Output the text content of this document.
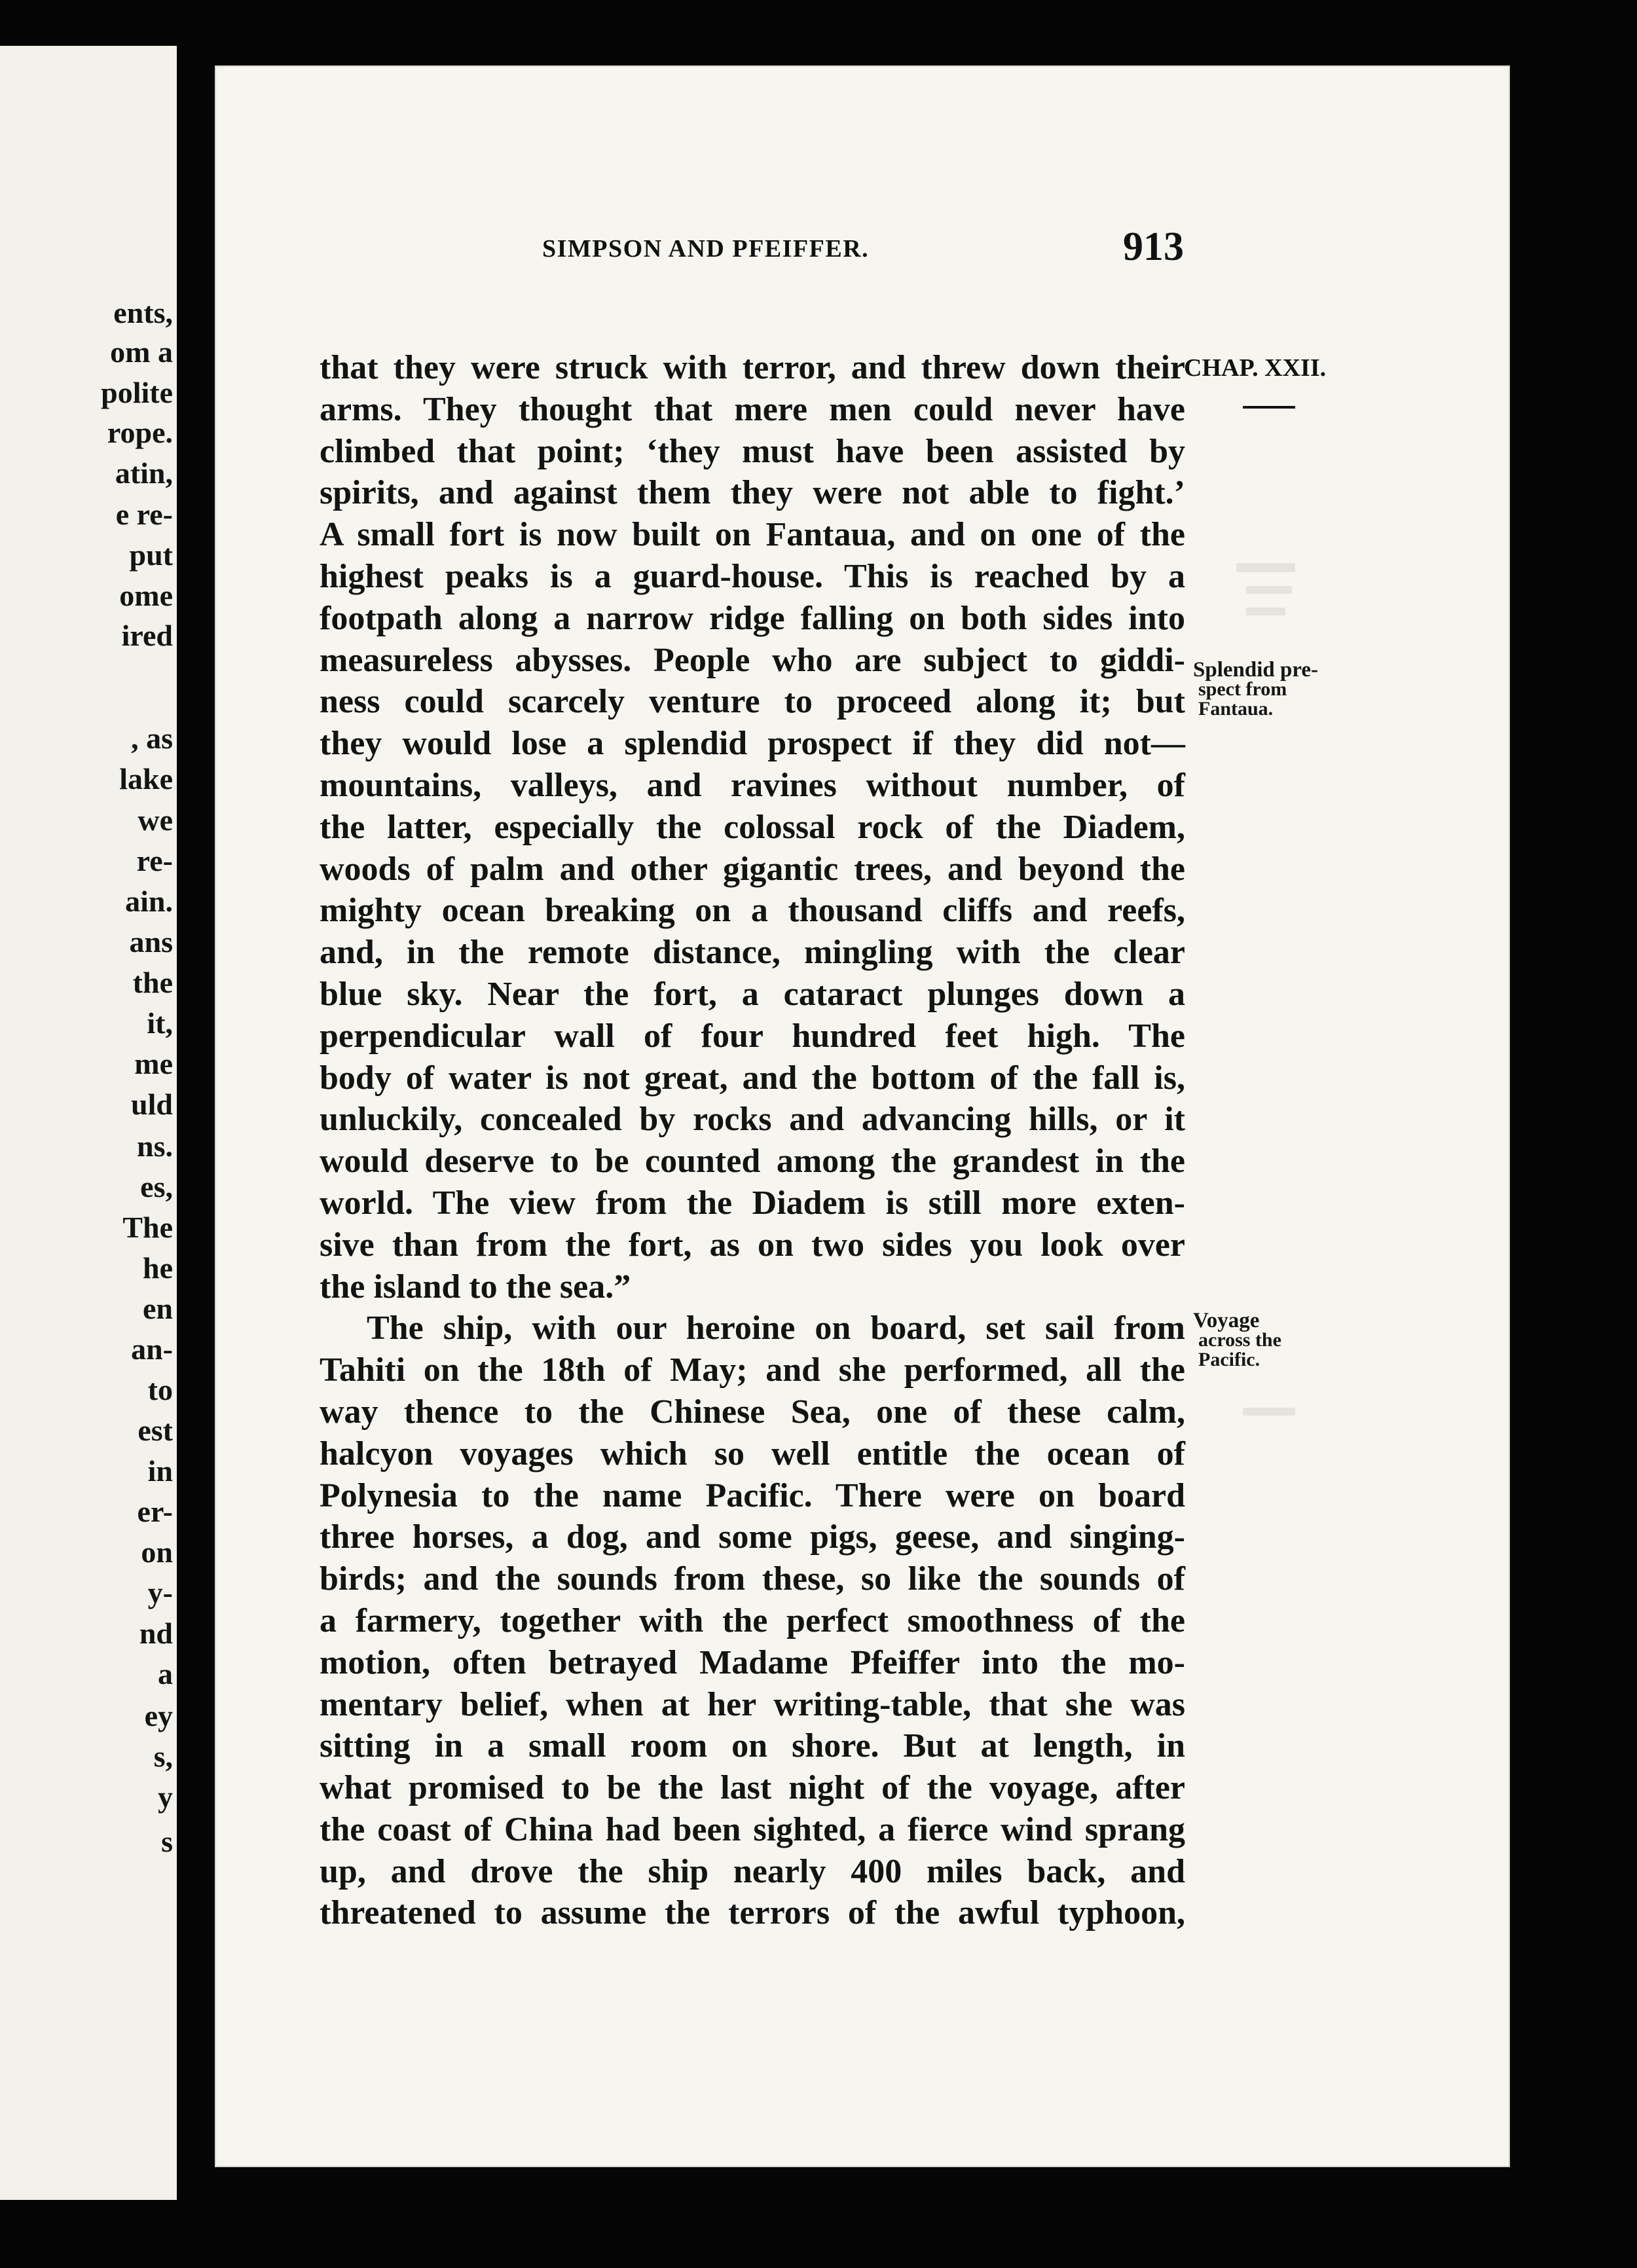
ents,
om a
polite
rope.
atin,
e re-
put
ome
ired
, as
lake
we
re-
ain.
ans
the
it,
me
uld
ns.
es,
The
he
en
an-
to
est
in
er-
on
y-
nd
a
ey
s,
y
s
SIMPSON AND PFEIFFER.	913
CHAP. XXII.
Splendid pre-
spect from
Fantaua.
Voyage
across the
Pacific.
that they were struck with terror, and threw down their
arms. They thought that mere men could never have
climbed that point; ‘they must have been assisted by
spirits, and against them they were not able to fight.’
A small fort is now built on Fantaua, and on one of the
highest peaks is a guard-house. This is reached by a
footpath along a narrow ridge falling on both sides into
measureless abysses. People who are subject to giddi-
ness could scarcely venture to proceed along it; but
they would lose a splendid prospect if they did not—
mountains, valleys, and ravines without number, of
the latter, especially the colossal rock of the Diadem,
woods of palm and other gigantic trees, and beyond the
mighty ocean breaking on a thousand cliffs and reefs,
and, in the remote distance, mingling with the clear
blue sky. Near the fort, a cataract plunges down a
perpendicular wall of four hundred feet high. The
body of water is not great, and the bottom of the fall is,
unluckily, concealed by rocks and advancing hills, or it
would deserve to be counted among the grandest in the
world. The view from the Diadem is still more exten-
sive than from the fort, as on two sides you look over
the island to the sea.”
The ship, with our heroine on board, set sail from
Tahiti on the 18th of May; and she performed, all the
way thence to the Chinese Sea, one of these calm,
halcyon voyages which so well entitle the ocean of
Polynesia to the name Pacific. There were on board
three horses, a dog, and some pigs, geese, and singing-
birds; and the sounds from these, so like the sounds of
a farmery, together with the perfect smoothness of the
motion, often betrayed Madame Pfeiffer into the mo-
mentary belief, when at her writing-table, that she was
sitting in a small room on shore. But at length, in
what promised to be the last night of the voyage, after
the coast of China had been sighted, a fierce wind sprang
up, and drove the ship nearly 400 miles back, and
threatened to assume the terrors of the awful typhoon,
